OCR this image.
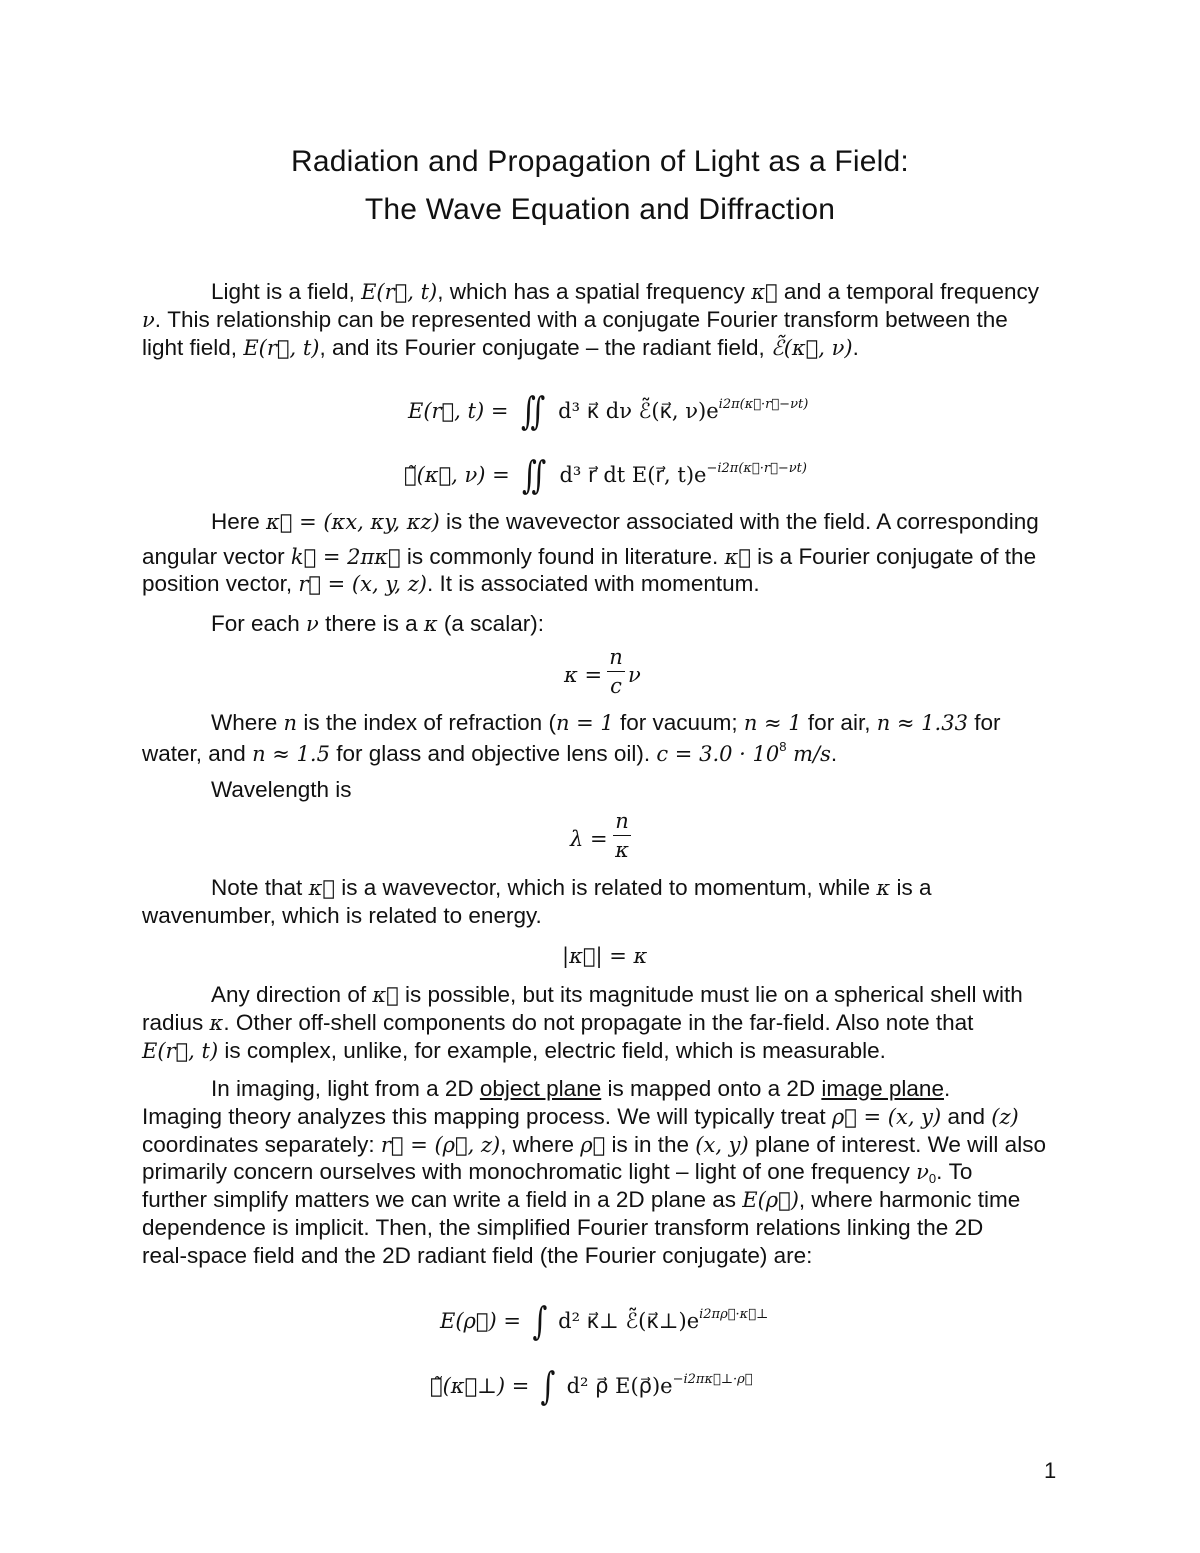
Radiation and Propagation of Light as a Field:
The Wave Equation and Diffraction
Light is a field, E(r⃗, t), which has a spatial frequency κ⃗ and a temporal frequency
ν. This relationship can be represented with a conjugate Fourier transform between the
light field, E(r⃗, t), and its Fourier conjugate – the radiant field, ℰ̃(κ⃗, ν).
E(r⃗, t) = ∬ d³ κ⃗ dν ℰ̃(κ⃗, $\nu)e^{i2\pi(\kappa⃗\cdot r⃗-\nu t)}$
ℰ̃(κ⃗, ν) = ∬ d³ r⃗ dt E(r⃗, $t)e^{-i2\pi(\kappa⃗\cdot r⃗-\nu t)}$
Here κ⃗ = (κx, κy, κz) is the wavevector associated with the field. A corresponding
angular vector k⃗ = 2πκ⃗ is commonly found in literature. κ⃗ is a Fourier conjugate of the
position vector, r⃗ = (x, y, z). It is associated with momentum.
For each ν there is a κ (a scalar):
κ =
n
c ν
Where n is the index of refraction (n = 1 for vacuum; n ≈ 1 for air, n ≈ 1.33 for
water, and n ≈ 1.5 for glass and objective lens oil). $c = 3.0 \cdot 10^8$ m/s.
Wavelength is
λ =
n
κ
Note that κ⃗ is a wavevector, which is related to momentum, while κ is a
wavenumber, which is related to energy.
|κ⃗| = κ
Any direction of κ⃗ is possible, but its magnitude must lie on a spherical shell with
radius κ. Other off-shell components do not propagate in the far-field. Also note that
E(r⃗, t) is complex, unlike, for example, electric field, which is measurable.
In imaging, light from a 2D object plane is mapped onto a 2D image plane.
Imaging theory analyzes this mapping process. We will typically treat ρ⃗ = (x, y) and (z)
coordinates separately: r⃗ = (ρ⃗, z), where ρ⃗ is in the (x, y) plane of interest. We will also
primarily concern ourselves with monochromatic light – light of one frequency $\nu_0$. To
further simplify matters we can write a field in a 2D plane as E(ρ⃗), where harmonic time
dependence is implicit. Then, the simplified Fourier transform relations linking the 2D
real-space field and the 2D radiant field (the Fourier conjugate) are:
E(ρ⃗) = ∫ d² κ⃗⊥ $ℰ̃(\kappa⃗\perp)e^{i2\pi\rho⃗\cdot\kappa⃗\perp}$
ℰ̃(κ⃗⊥) = ∫ d² ρ⃗ $E(\rho⃗)e^{-i2\pi\kappa⃗\perp\cdot\rho⃗}$
1
